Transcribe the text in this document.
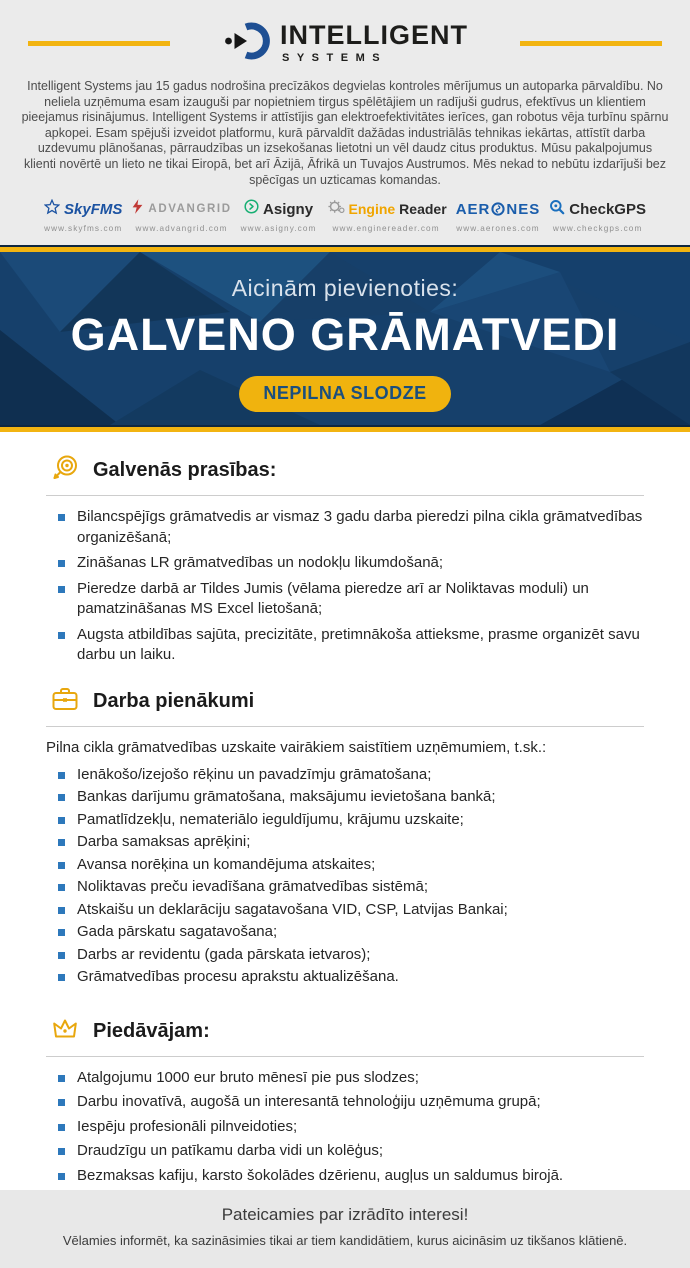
INTELLIGENT
SYSTEMS

Intelligent Systems jau 15 gadus nodrošina precīzākos degvielas kontroles mērījumus un autoparka pārvaldību. No neliela uzņēmuma esam izauguši par nopietniem tirgus spēlētājiem un radījuši gudrus, efektīvus un klientiem pieejamus risinājumus. Intelligent Systems ir attīstījis gan elektroefektivitātes ierīces, gan robotus vēja turbīnu spārnu apkopei. Esam spējuši izveidot platformu, kurā pārvaldīt dažādas industriālās tehnikas iekārtas, attīstīt darba uzdevumu plānošanas, pārraudzības un izsekošanas lietotni un vēl daudz citus produktus. Mūsu pakalpojumus klienti novērtē un lieto ne tikai Eiropā, bet arī Āzijā, Āfrikā un Tuvajos Austrumos. Mēs nekad to nebūtu izdarījuši bez spēcīgas un uzticamas komandas.

SkyFMS
www.skyfms.com
ADVANGRID
www.advangrid.com
Asigny
www.asigny.com
Engine Reader
www.enginereader.com
AER NES
www.aerones.com
CheckGPS
www.checkgps.com
Aicinām pievienoties:
GALVENO GRĀMATVEDI
NEPILNA SLODZE
Galvenās prasības:
Bilancspējīgs grāmatvedis ar vismaz 3 gadu darba pieredzi pilna cikla grāmatvedības organizēšanā;
Zināšanas LR grāmatvedības un nodokļu likumdošanā;
Pieredze darbā ar Tildes Jumis (vēlama pieredze arī ar Noliktavas moduli) un pamatzināšanas MS Excel lietošanā;
Augsta atbildības sajūta, precizitāte, pretimnākoša attieksme, prasme organizēt savu darbu un laiku.
Darba pienākumi

Pilna cikla grāmatvedības uzskaite vairākiem saistītiem uzņēmumiem, t.sk.:

Ienākošo/izejošo rēķinu un pavadzīmju grāmatošana;
Bankas darījumu grāmatošana, maksājumu ievietošana bankā;
Pamatlīdzekļu, nemateriālo ieguldījumu, krājumu uzskaite;
Darba samaksas aprēķini;
Avansa norēķina un komandējuma atskaites;
Noliktavas preču ievadīšana grāmatvedības sistēmā;
Atskaišu un deklarāciju sagatavošana VID, CSP, Latvijas Bankai;
Gada pārskatu sagatavošana;
Darbs ar revidentu (gada pārskata ietvaros);
Grāmatvedības procesu aprakstu aktualizēšana.
Piedāvājam:
Atalgojumu 1000 eur bruto mēnesī pie pus slodzes;
Darbu inovatīvā, augošā un interesantā tehnoloģiju uzņēmuma grupā;
Iespēju profesionāli pilnveidoties;
Draudzīgu un patīkamu darba vidi un kolēģus;
Bezmaksas kafiju, karsto šokolādes dzērienu, augļus un saldumus birojā.
Pateicamies par izrādīto interesi!
Vēlamies informēt, ka sazināsimies tikai ar tiem kandidātiem, kurus aicināsim uz tikšanos klātienē.
